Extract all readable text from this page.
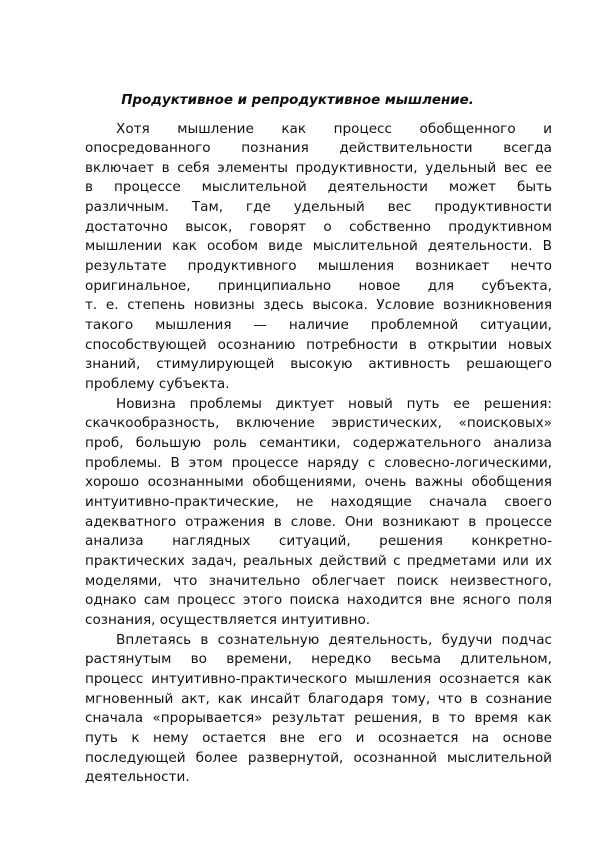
Продуктивное и репродуктивное мышление.

Хотя мышление как процесс обобщенного и
опосредованного познания действительности всегда
включает в себя элементы продуктивности, удельный вес ее
в процессе мыслительной деятельности может быть
различным. Там, где удельный вес продуктивности
достаточно высок, говорят о собственно продуктивном
мышлении как особом виде мыслительной деятельности. В
результате продуктивного мышления возникает нечто
оригинальное, принципиально новое для субъекта,
т. е. степень новизны здесь высока. Условие возникновения
такого мышления — наличие проблемной ситуации,
способствующей осознанию потребности в открытии новых
знаний, стимулирующей высокую активность решающего
проблему субъекта.

Новизна проблемы диктует новый путь ее решения:
скачкообразность, включение эвристических, «поисковых»
проб, большую роль семантики, содержательного анализа
проблемы. В этом процессе наряду с словесно-логическими,
хорошо осознанными обобщениями, очень важны обобщения
интуитивно-практические, не находящие сначала своего
адекватного отражения в слове. Они возникают в процессе
анализа наглядных ситуаций, решения конкретно-
практических задач, реальных действий с предметами или их
моделями, что значительно облегчает поиск неизвестного,
однако сам процесс этого поиска находится вне ясного поля
сознания, осуществляется интуитивно.

Вплетаясь в сознательную деятельность, будучи подчас
растянутым во времени, нередко весьма длительном,
процесс интуитивно-практического мышления осознается как
мгновенный акт, как инсайт благодаря тому, что в сознание
сначала «прорывается» результат решения, в то время как
путь к нему остается вне его и осознается на основе
последующей более развернутой, осознанной мыслительной
деятельности.
